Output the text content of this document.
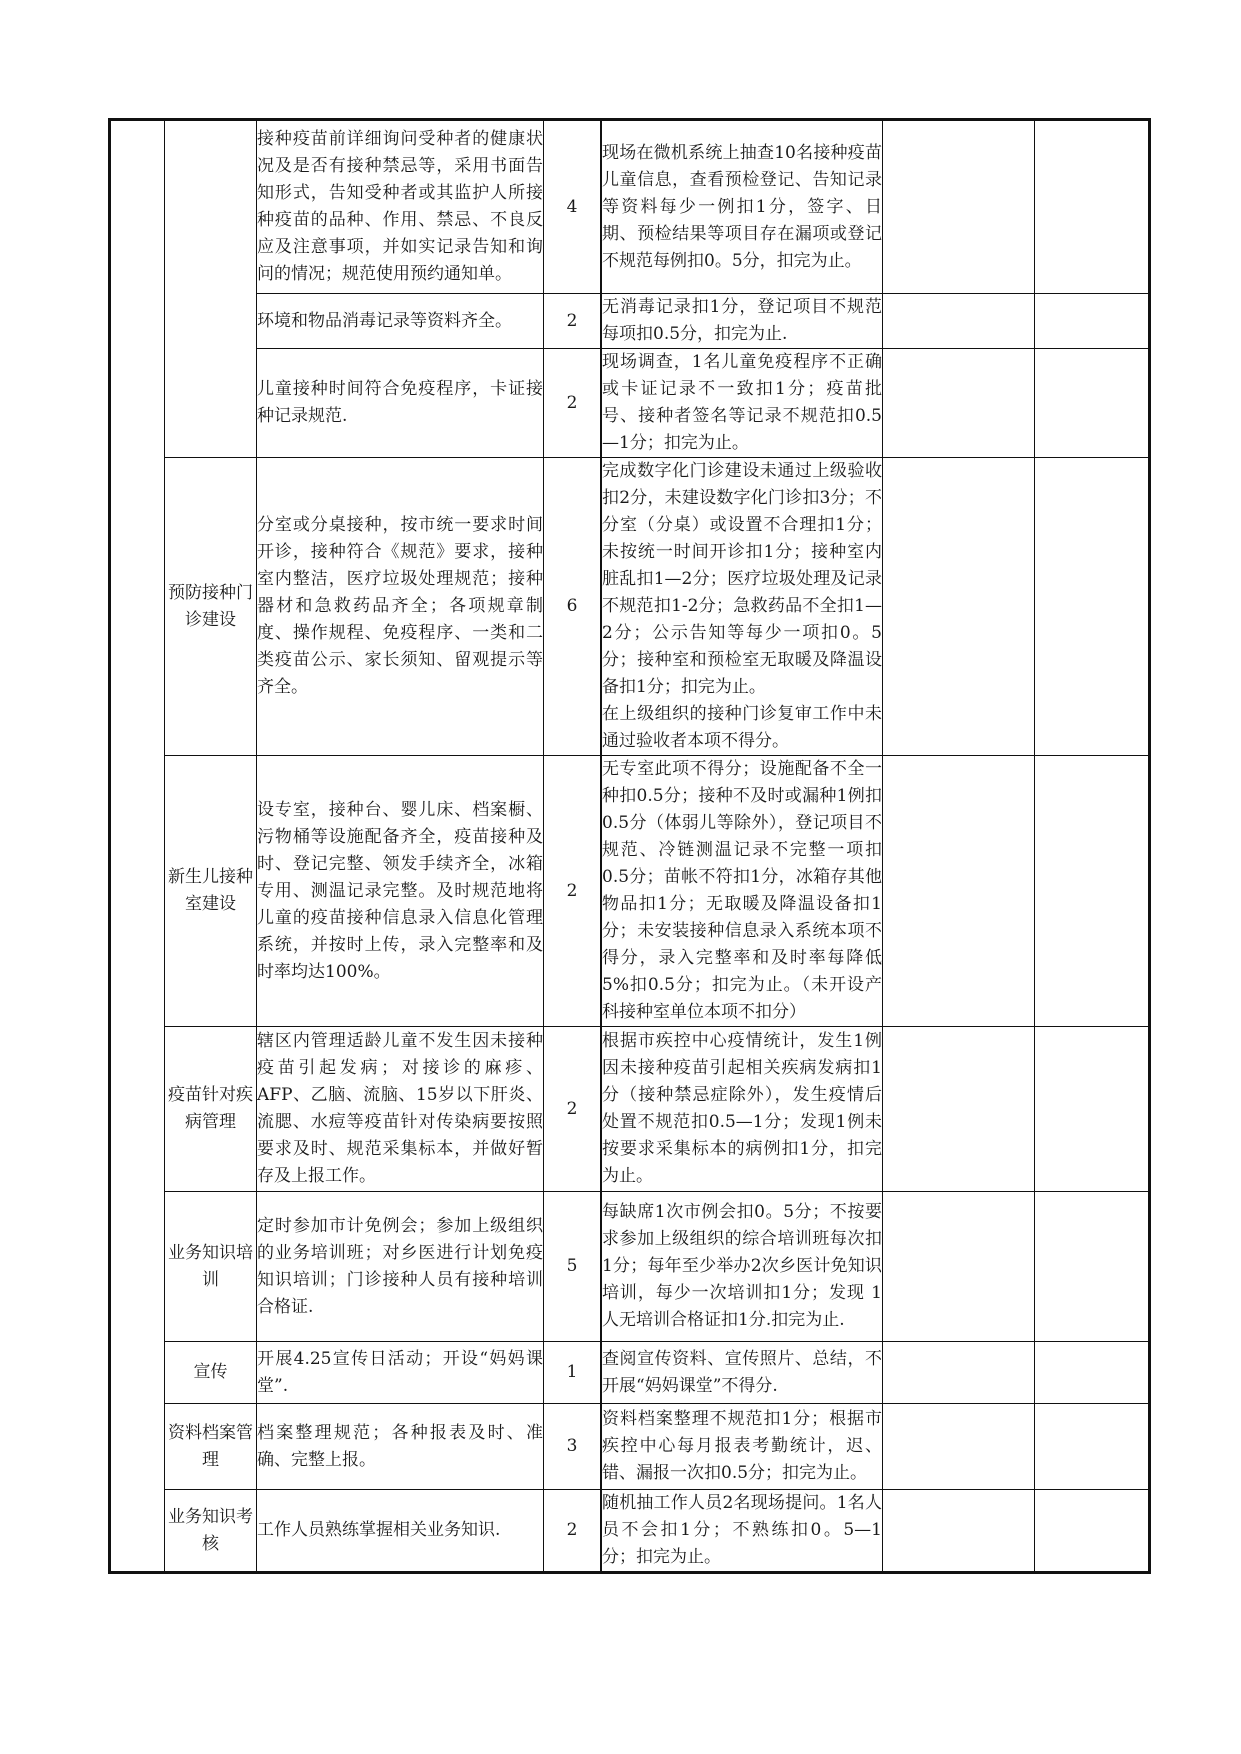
		接种疫苗前详细询问受种者的健康状况及是否有接种禁忌等，采用书面告知形式，告知受种者或其监护人所接种疫苗的品种、作用、禁忌、不良反应及注意事项，并如实记录告知和询问的情况；规范使用预约通知单。	4		现场在微机系统上抽查10名接种疫苗儿童信息，查看预检登记、告知记录等资料每少一例扣1分，签字、日期、预检结果等项目存在漏项或登记不规范每例扣0。5分，扣完为止。		

		环境和物品消毒记录等资料齐全。	2		无消毒记录扣1分，登记项目不规范每项扣0.5分，扣完为止.		

		儿童接种时间符合免疫程序，卡证接种记录规范.	2		现场调查，1名儿童免疫程序不正确或卡证记录不一致扣1分；疫苗批号、接种者签名等记录不规范扣0.5—1分；扣完为止。		

	预防接种门诊建设	分室或分桌接种，按市统一要求时间开诊，接种符合《规范》要求，接种室内整洁，医疗垃圾处理规范；接种器材和急救药品齐全；各项规章制度、操作规程、免疫程序、一类和二类疫苗公示、家长须知、留观提示等齐全。	6		完成数字化门诊建设未通过上级验收扣2分，未建设数字化门诊扣3分；不分室（分桌）或设置不合理扣1分；未按统一时间开诊扣1分；接种室内脏乱扣1—2分；医疗垃圾处理及记录不规范扣1-2分；急救药品不全扣1—2分；公示告知等每少一项扣0。5分；接种室和预检室无取暖及降温设备扣1分；扣完为止。
在上级组织的接种门诊复审工作中未通过验收者本项不得分。		

	新生儿接种室建设	设专室，接种台、婴儿床、档案橱、污物桶等设施配备齐全，疫苗接种及时、登记完整、领发手续齐全，冰箱专用、测温记录完整。及时规范地将儿童的疫苗接种信息录入信息化管理系统，并按时上传，录入完整率和及时率均达100%。	2		无专室此项不得分；设施配备不全一种扣0.5分；接种不及时或漏种1例扣0.5分（体弱儿等除外），登记项目不规范、冷链测温记录不完整一项扣0.5分；苗帐不符扣1分，冰箱存其他物品扣1分；无取暖及降温设备扣1分；未安装接种信息录入系统本项不得分，录入完整率和及时率每降低5%扣0.5分；扣完为止。（未开设产科接种室单位本项不扣分）		

	疫苗针对疾病管理	辖区内管理适龄儿童不发生因未接种疫苗引起发病；对接诊的麻疹、AFP、乙脑、流脑、15岁以下肝炎、流腮、水痘等疫苗针对传染病要按照要求及时、规范采集标本，并做好暂存及上报工作。	2		根据市疾控中心疫情统计，发生1例因未接种疫苗引起相关疾病发病扣1分（接种禁忌症除外），发生疫情后处置不规范扣0.5—1分；发现1例未按要求采集标本的病例扣1分，扣完为止。		

	业务知识培训	定时参加市计免例会；参加上级组织的业务培训班；对乡医进行计划免疫知识培训；门诊接种人员有接种培训合格证.	5		每缺席1次市例会扣0。5分；不按要求参加上级组织的综合培训班每次扣1分；每年至少举办2次乡医计免知识培训，每少一次培训扣1分；发现 1人无培训合格证扣1分.扣完为止.		

	宣传	开展4.25宣传日活动；开设“妈妈课堂”.	1		查阅宣传资料、宣传照片、总结，不开展“妈妈课堂”不得分.		

	资料档案管理	档案整理规范；各种报表及时、准确、完整上报。	3		资料档案整理不规范扣1分；根据市疾控中心每月报表考勤统计，迟、错、漏报一次扣0.5分；扣完为止。		

	业务知识考核	工作人员熟练掌握相关业务知识.	2		随机抽工作人员2名现场提问。1名人员不会扣1分；不熟练扣0。5—1分；扣完为止。		
